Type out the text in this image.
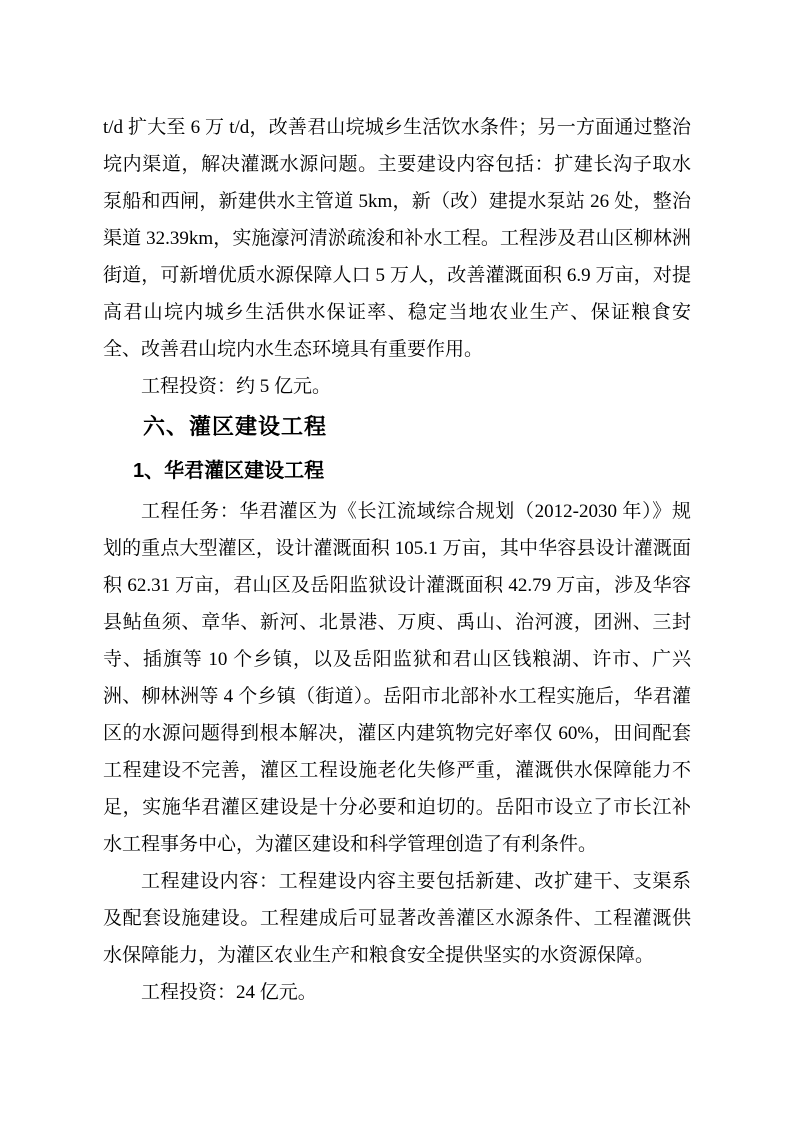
t/d 扩大至 6 万 t/d，改善君山垸城乡生活饮水条件；另一方面通过整治垸内渠道，解决灌溉水源问题。主要建设内容包括：扩建长沟子取水泵船和西闸，新建供水主管道 5km，新（改）建提水泵站 26 处，整治渠道 32.39km，实施濠河清淤疏浚和补水工程。工程涉及君山区柳林洲街道，可新增优质水源保障人口 5 万人，改善灌溉面积 6.9 万亩，对提高君山垸内城乡生活供水保证率、稳定当地农业生产、保证粮食安全、改善君山垸内水生态环境具有重要作用。

工程投资：约 5 亿元。

六、灌区建设工程
1、华君灌区建设工程

工程任务：华君灌区为《长江流域综合规划（2012-2030 年）》规划的重点大型灌区，设计灌溉面积 105.1 万亩，其中华容县设计灌溉面积 62.31 万亩，君山区及岳阳监狱设计灌溉面积 42.79 万亩，涉及华容县鲇鱼须、章华、新河、北景港、万庾、禹山、治河渡，团洲、三封寺、插旗等 10 个乡镇，以及岳阳监狱和君山区钱粮湖、许市、广兴洲、柳林洲等 4 个乡镇（街道）。岳阳市北部补水工程实施后，华君灌区的水源问题得到根本解决，灌区内建筑物完好率仅 60%，田间配套工程建设不完善，灌区工程设施老化失修严重，灌溉供水保障能力不足，实施华君灌区建设是十分必要和迫切的。岳阳市设立了市长江补水工程事务中心，为灌区建设和科学管理创造了有利条件。

工程建设内容：工程建设内容主要包括新建、改扩建干、支渠系及配套设施建设。工程建成后可显著改善灌区水源条件、工程灌溉供水保障能力，为灌区农业生产和粮食安全提供坚实的水资源保障。

工程投资：24 亿元。
